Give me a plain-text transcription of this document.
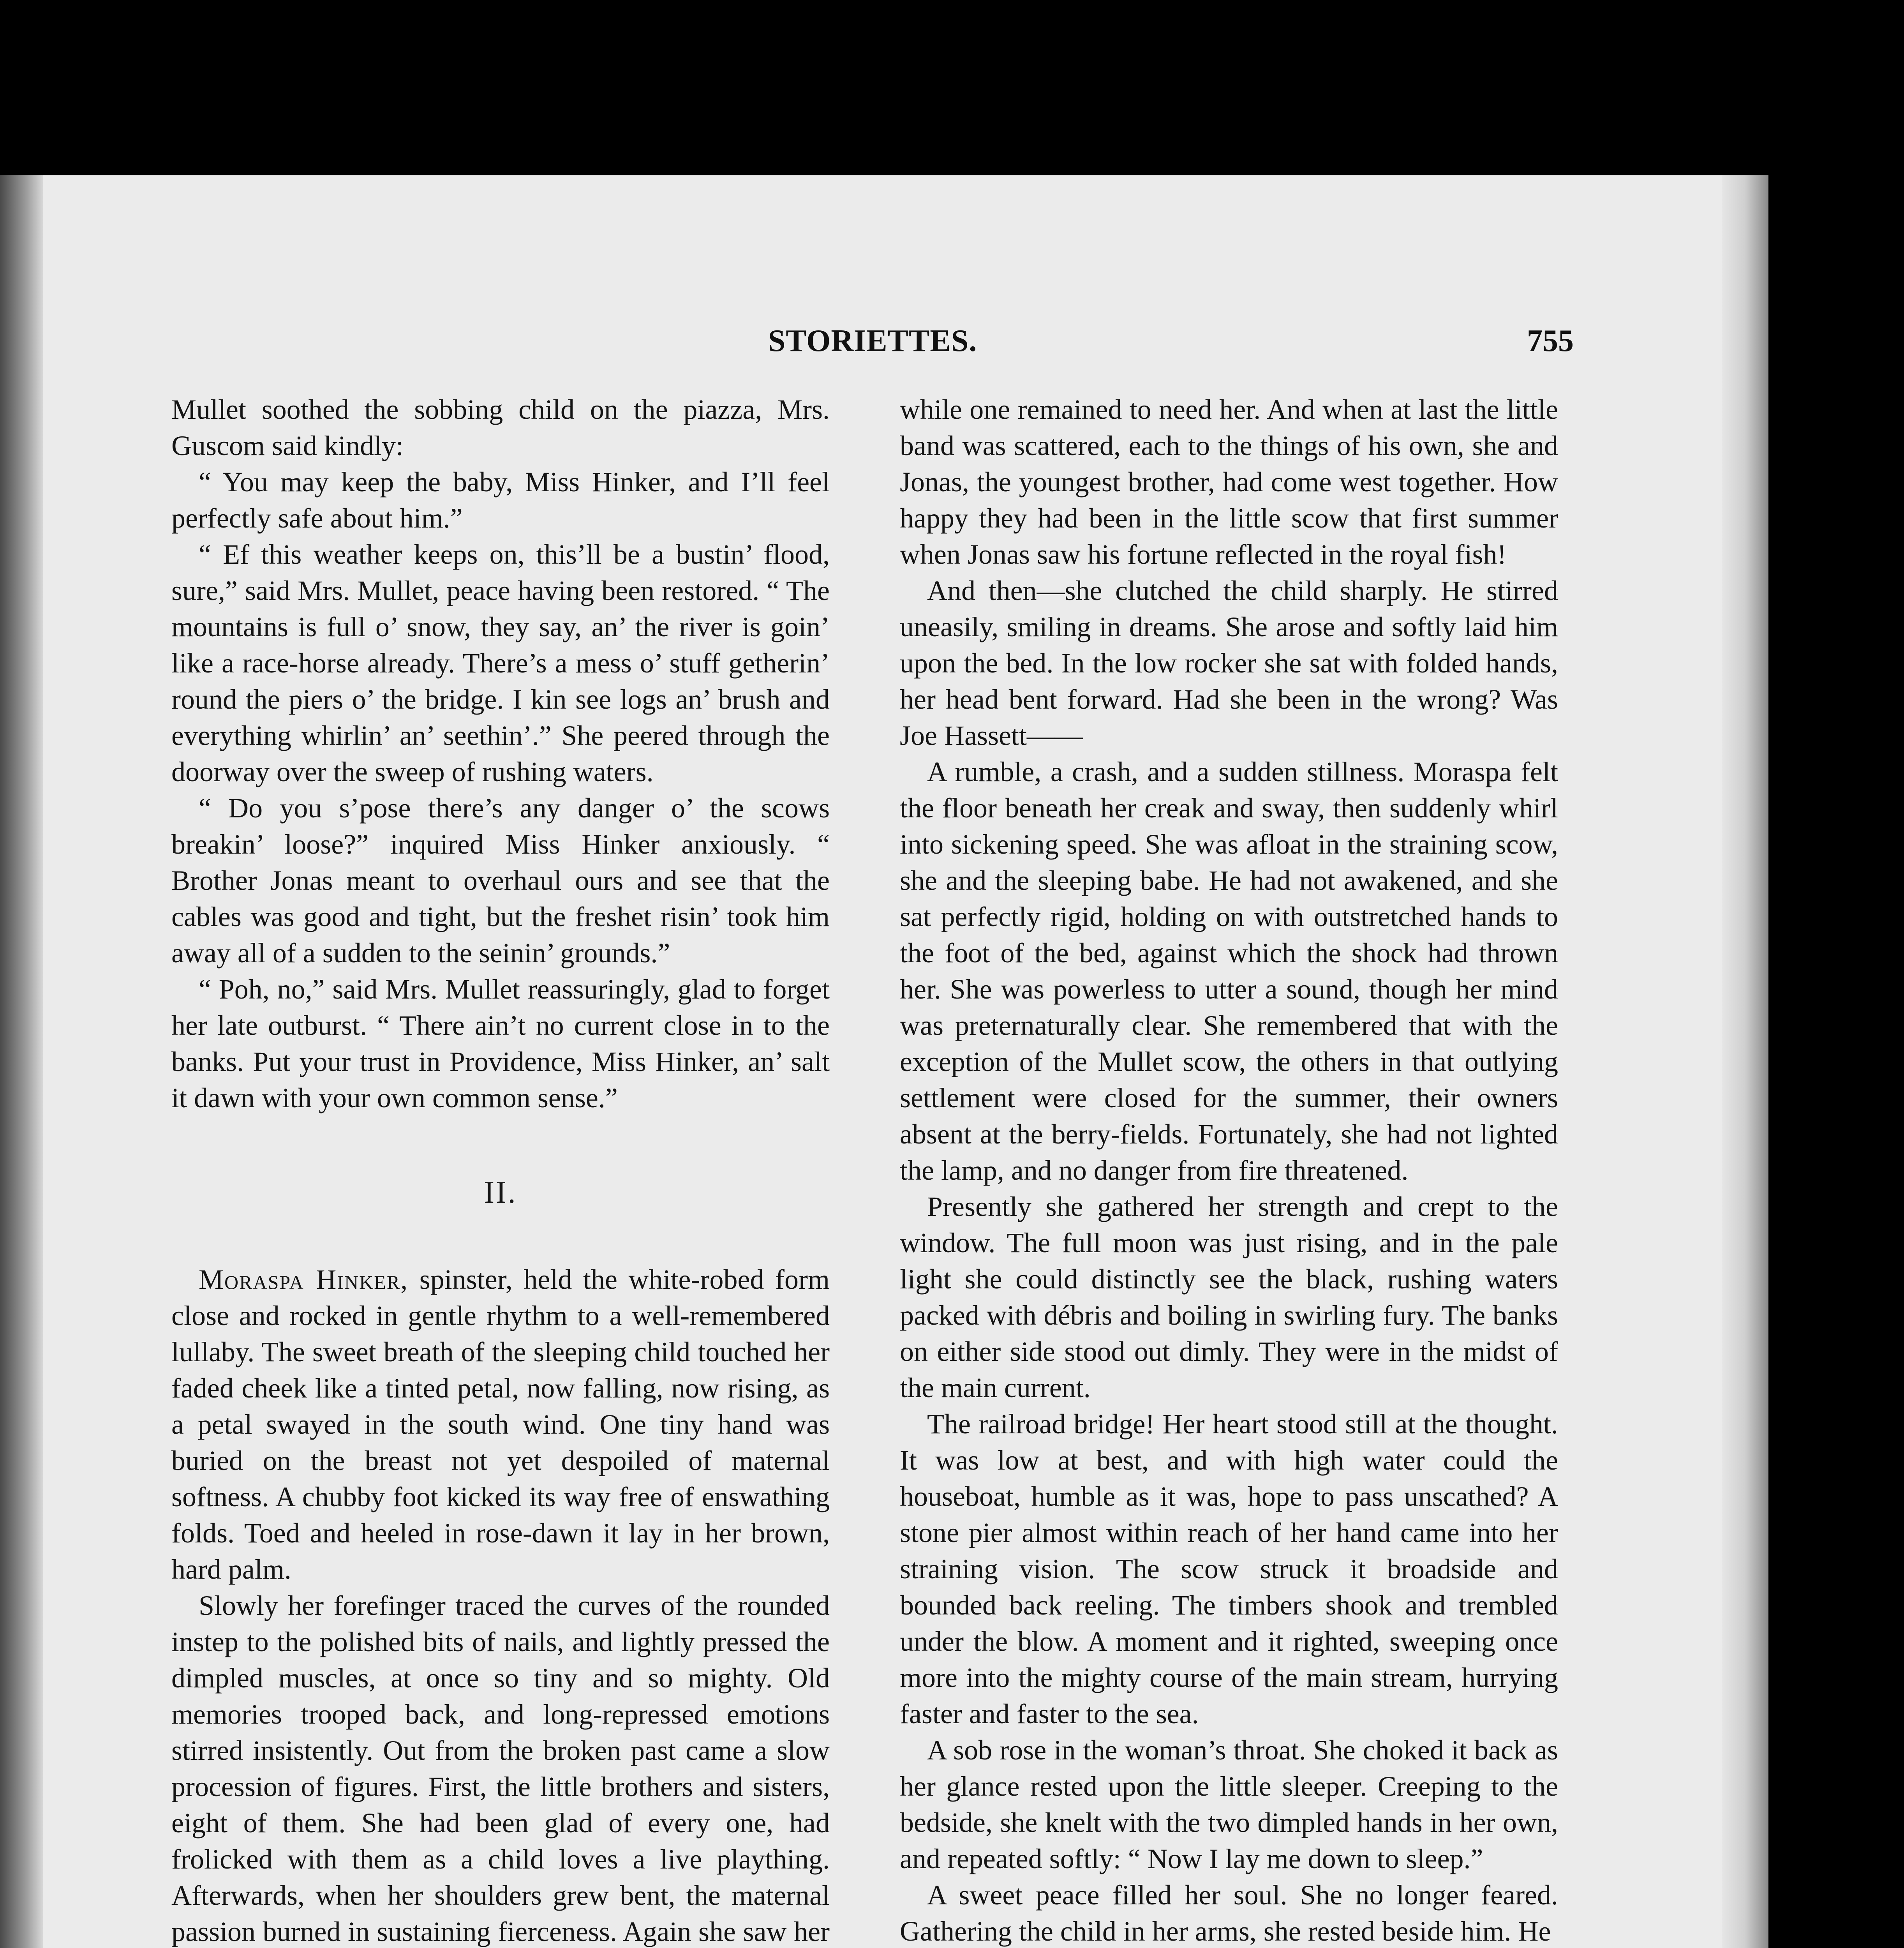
STORIETTES.	755

Mullet soothed the sobbing child on the piazza, Mrs. Guscom said kindly:

“ You may keep the baby, Miss Hinker, and I’ll feel perfectly safe about him.”

“ Ef this weather keeps on, this’ll be a bustin’ flood, sure,” said Mrs. Mullet, peace having been restored. “ The mountains is full o’ snow, they say, an’ the river is goin’ like a race-horse already. There’s a mess o’ stuff getherin’ round the piers o’ the bridge. I kin see logs an’ brush and everything whirlin’ an’ seethin’.” She peered through the doorway over the sweep of rushing waters.

“ Do you s’pose there’s any danger o’ the scows breakin’ loose?” inquired Miss Hinker anxiously. “ Brother Jonas meant to overhaul ours and see that the cables was good and tight, but the freshet risin’ took him away all of a sudden to the seinin’ grounds.”

“ Poh, no,” said Mrs. Mullet reassuringly, glad to forget her late outburst. “ There ain’t no current close in to the banks. Put your trust in Providence, Miss Hinker, an’ salt it dawn with your own common sense.”

II.

Moraspa Hinker, spinster, held the white-robed form close and rocked in gentle rhythm to a well-remembered lullaby. The sweet breath of the sleeping child touched her faded cheek like a tinted petal, now falling, now rising, as a petal swayed in the south wind. One tiny hand was buried on the breast not yet despoiled of maternal softness. A chubby foot kicked its way free of enswathing folds. Toed and heeled in rose-dawn it lay in her brown, hard palm.

Slowly her forefinger traced the curves of the rounded instep to the polished bits of nails, and lightly pressed the dimpled muscles, at once so tiny and so mighty. Old memories trooped back, and long-repressed emotions stirred insistently. Out from the broken past came a slow procession of figures. First, the little brothers and sisters, eight of them. She had been glad of every one, had frolicked with them as a child loves a live plaything. Afterwards, when her shoulders grew bent, the maternal passion burned in sustaining fierceness. Again she saw her

while one remained to need her. And when at last the little band was scattered, each to the things of his own, she and Jonas, the youngest brother, had come west together. How happy they had been in the little scow that first summer when Jonas saw his fortune reflected in the royal fish!

And then—she clutched the child sharply. He stirred uneasily, smiling in dreams. She arose and softly laid him upon the bed. In the low rocker she sat with folded hands, her head bent forward. Had she been in the wrong? Was Joe Hassett——

A rumble, a crash, and a sudden stillness. Moraspa felt the floor beneath her creak and sway, then suddenly whirl into sickening speed. She was afloat in the straining scow, she and the sleeping babe. He had not awakened, and she sat perfectly rigid, holding on with outstretched hands to the foot of the bed, against which the shock had thrown her. She was powerless to utter a sound, though her mind was preternaturally clear. She remembered that with the exception of the Mullet scow, the others in that outlying settlement were closed for the summer, their owners absent at the berry-fields. Fortunately, she had not lighted the lamp, and no danger from fire threatened.

Presently she gathered her strength and crept to the window. The full moon was just rising, and in the pale light she could distinctly see the black, rushing waters packed with débris and boiling in swirling fury. The banks on either side stood out dimly. They were in the midst of the main current.

The railroad bridge! Her heart stood still at the thought. It was low at best, and with high water could the houseboat, humble as it was, hope to pass unscathed? A stone pier almost within reach of her hand came into her straining vision. The scow struck it broadside and bounded back reeling. The timbers shook and trembled under the blow. A moment and it righted, sweeping once more into the mighty course of the main stream, hurrying faster and faster to the sea.

A sob rose in the woman’s throat. She choked it back as her glance rested upon the little sleeper. Creeping to the bedside, she knelt with the two dimpled hands in her own, and repeated softly: “ Now I lay me down to sleep.”

A sweet peace filled her soul. She no longer feared. Gathering the child in her arms, she rested beside him. He
